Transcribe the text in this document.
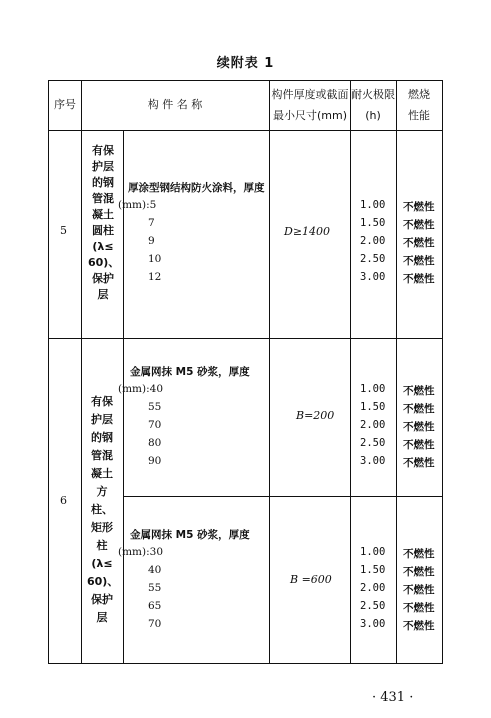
续附表 1
序号	构 件 名 称
构件厚度或截面
最小尺寸(mm)
耐火极限
(h)
燃烧
性能
5
有保
护层
的钢
管混
凝土
圆柱
(λ≤
60)、
保护
层
厚涂型钢结构防火涂料，厚度
(mm):5
7
9
10
12
D≥1400
1.00
1.50
2.00
2.50
3.00
不燃性
不燃性
不燃性
不燃性
不燃性
6
有保
护层
的钢
管混
凝土
方柱、
矩形
柱
(λ≤
60)、
保护
层
金属网抹 M5 砂浆，厚度
(mm):40
55
70
80
90
B=200
1.00
1.50
2.00
2.50
3.00
不燃性
不燃性
不燃性
不燃性
不燃性
金属网抹 M5 砂浆，厚度
(mm):30
40
55
65
70
B =600
1.00
1.50
2.00
2.50
3.00
不燃性
不燃性
不燃性
不燃性
不燃性
· 431 ·
